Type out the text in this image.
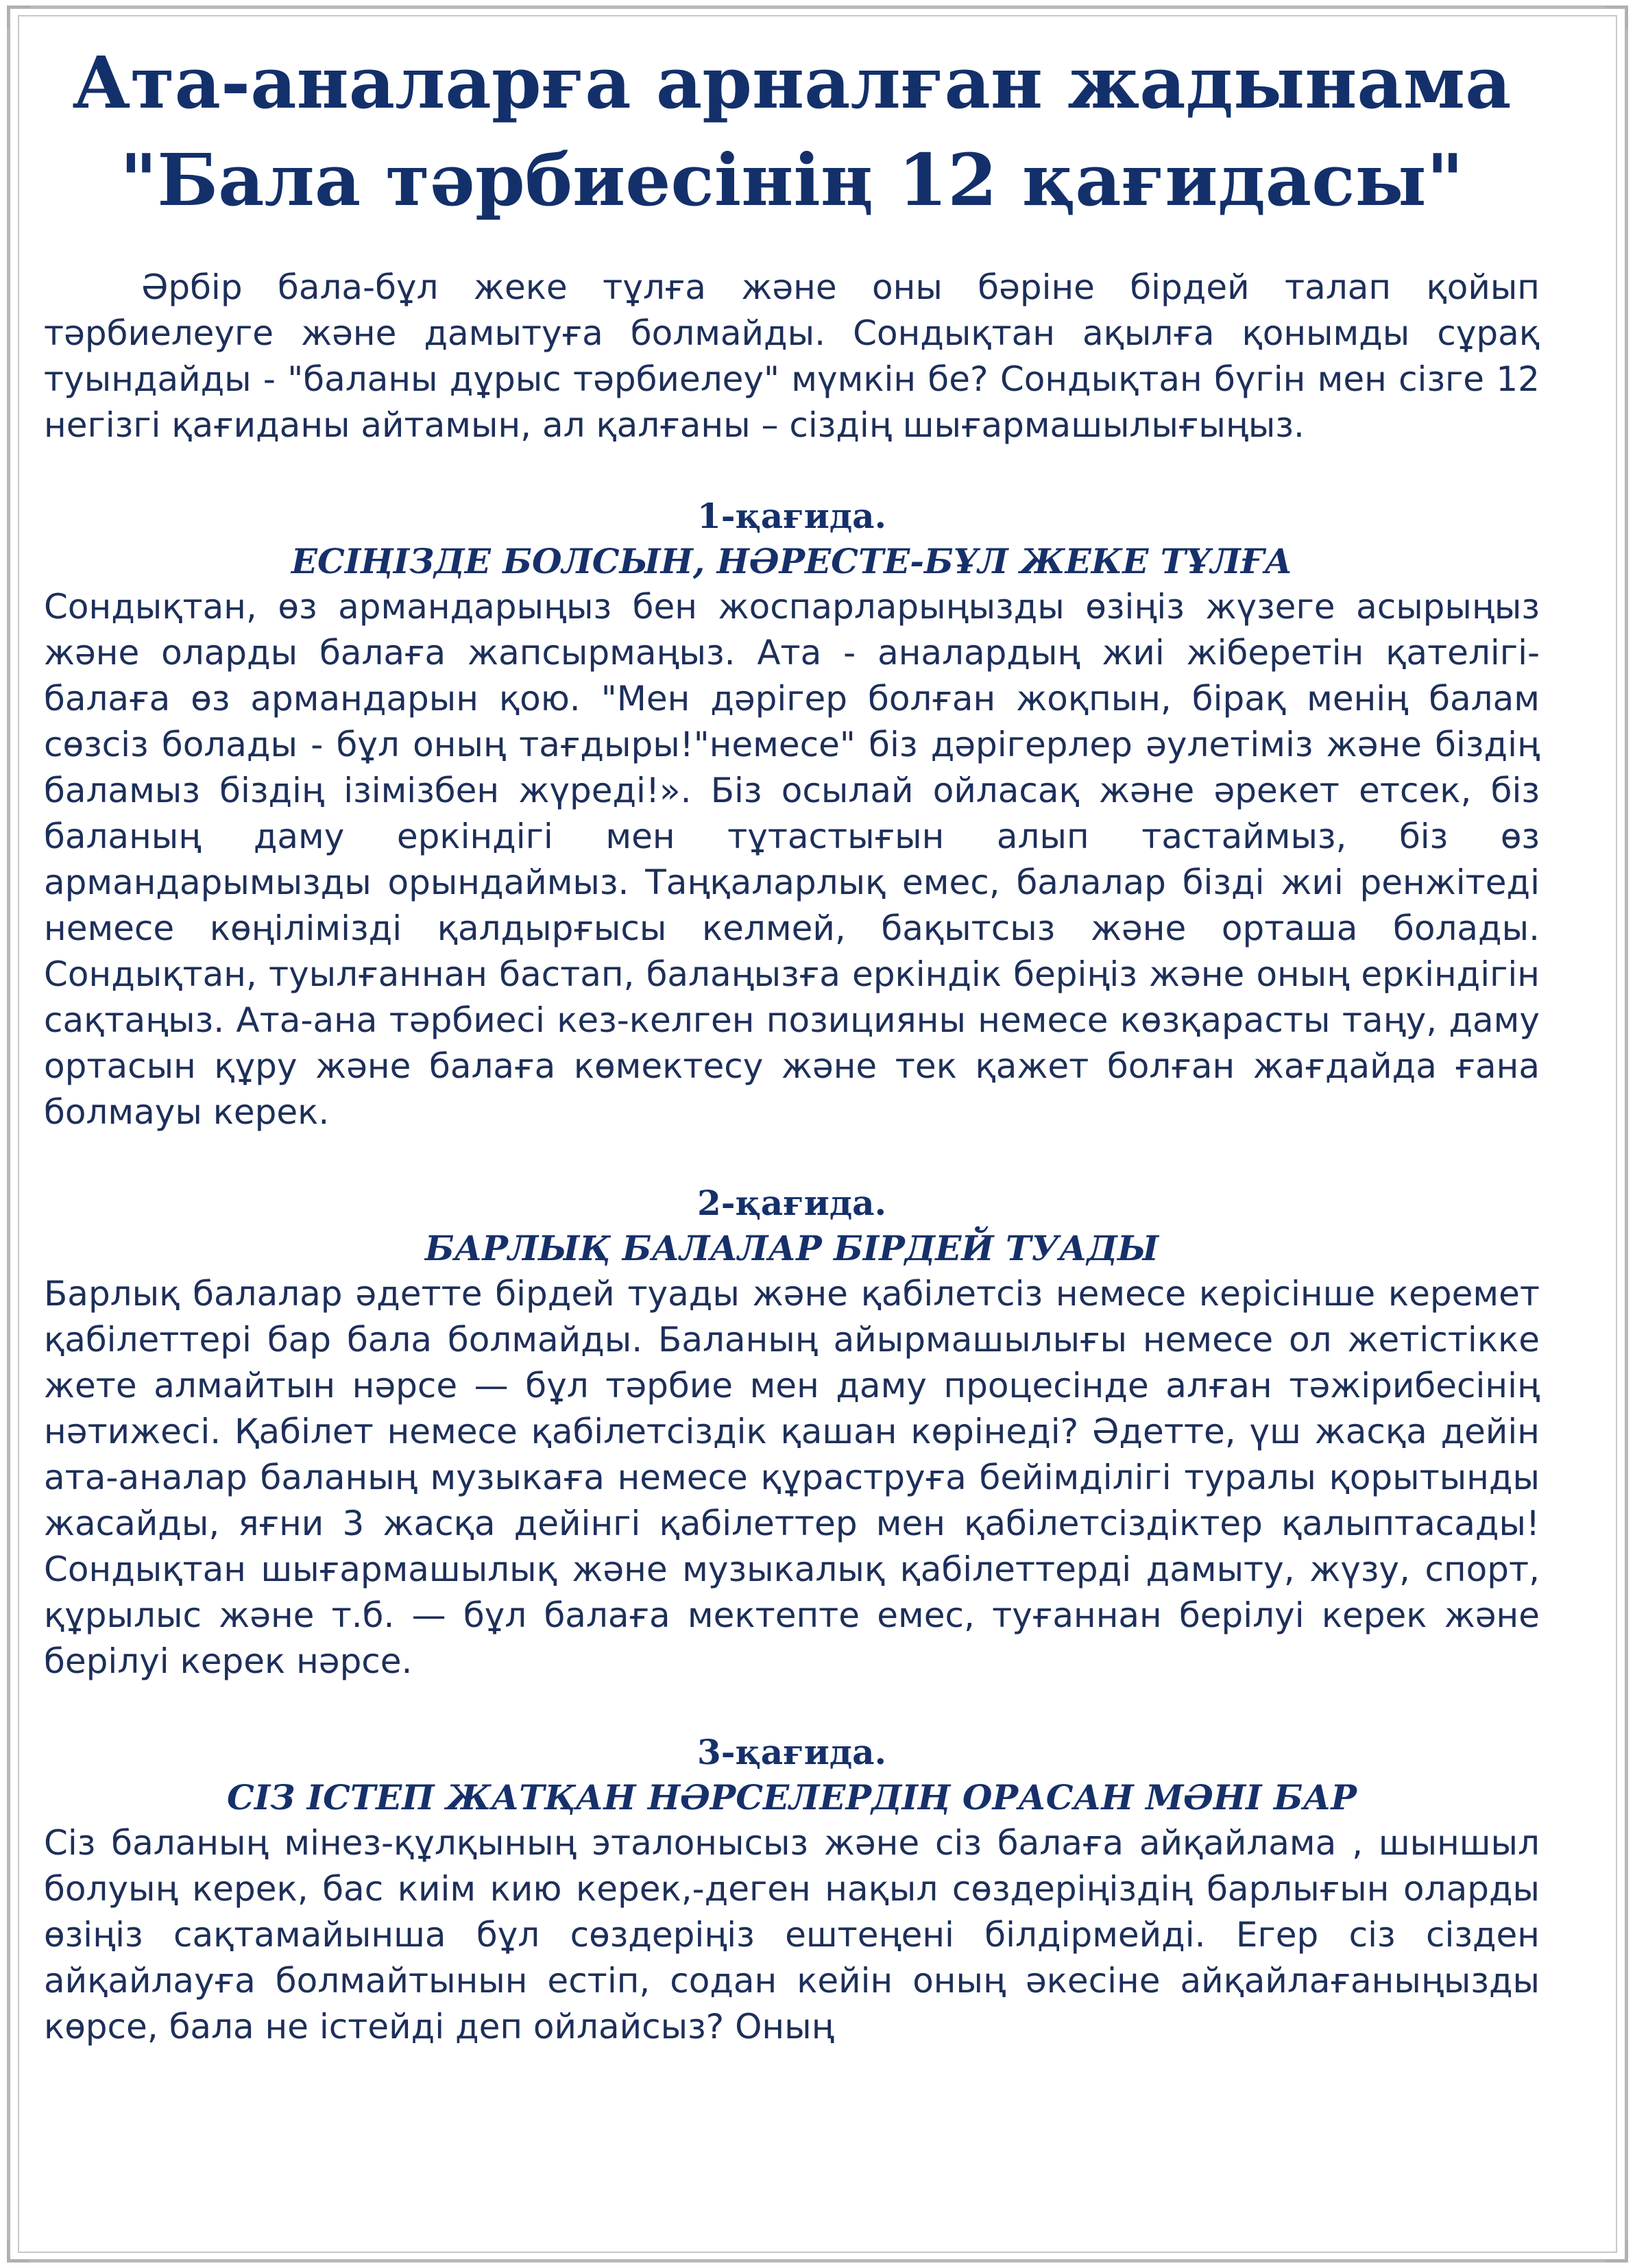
Ата-аналарға арналған жадынама
"Бала тәрбиесінің 12 қағидасы"

Әрбір бала-бұл жеке тұлға және оны бәріне бірдей талап қойып тәрбиелеуге және дамытуға болмайды. Сондықтан ақылға қонымды сұрақ туындайды - "баланы дұрыс тәрбиелеу" мүмкін бе? Сондықтан бүгін мен сізге 12 негізгі қағиданы айтамын, ал қалғаны – сіздің шығармашылығыңыз.

1-қағида.
ЕСІҢІЗДЕ БОЛСЫН, НӘРЕСТЕ-БҰЛ ЖЕКЕ ТҰЛҒА

Сондықтан, өз армандарыңыз бен жоспарларыңызды өзіңіз жүзеге асырыңыз және оларды балаға жапсырмаңыз. Ата - аналардың жиі жіберетін қателігі-балаға өз армандарын қою. "Мен дәрігер болған жоқпын, бірақ менің балам сөзсіз болады - бұл оның тағдыры!"немесе" біз дәрігерлер әулетіміз және біздің баламыз біздің ізімізбен жүреді!». Біз осылай ойласақ және әрекет етсек, біз баланың даму еркіндігі мен тұтастығын алып тастаймыз, біз өз армандарымызды орындаймыз. Таңқаларлық емес, балалар бізді жиі ренжітеді немесе көңілімізді қалдырғысы келмей, бақытсыз және орташа болады. Сондықтан, туылғаннан бастап, балаңызға еркіндік беріңіз және оның еркіндігін сақтаңыз. Ата-ана тәрбиесі кез-келген позицияны немесе көзқарасты таңу, даму ортасын құру және балаға көмектесу және тек қажет болған жағдайда ғана болмауы керек.

2-қағида.
БАРЛЫҚ БАЛАЛАР БІРДЕЙ ТУАДЫ

Барлық балалар әдетте бірдей туады және қабілетсіз немесе керісінше керемет қабілеттері бар бала болмайды. Баланың айырмашылығы немесе ол жетістікке жете алмайтын нәрсе — бұл тәрбие мен даму процесінде алған тәжірибесінің нәтижесі. Қабілет немесе қабілетсіздік қашан көрінеді? Әдетте, үш жасқа дейін ата-аналар баланың музыкаға немесе құраструға бейімділігі туралы қорытынды жасайды, яғни 3 жасқа дейінгі қабілеттер мен қабілетсіздіктер қалыптасады! Сондықтан шығармашылық және музыкалық қабілеттерді дамыту, жүзу, спорт, құрылыс және т.б. — бұл балаға мектепте емес, туғаннан берілуі керек және берілуі керек нәрсе.

3-қағида.
СІЗ ІСТЕП ЖАТҚАН НӘРСЕЛЕРДІҢ ОРАСАН МӘНІ БАР

Сіз баланың мінез-құлқының эталонысыз және сіз балаға айқайлама , шыншыл болуың керек, бас киім кию керек,-деген нақыл сөздеріңіздің барлығын оларды өзіңіз сақтамайынша бұл сөздеріңіз ештеңені білдірмейді. Егер сіз сізден айқайлауға болмайтынын естіп, содан кейін оның әкесіне айқайлағаныңызды көрсе, бала не істейді деп ойлайсыз? Оның
